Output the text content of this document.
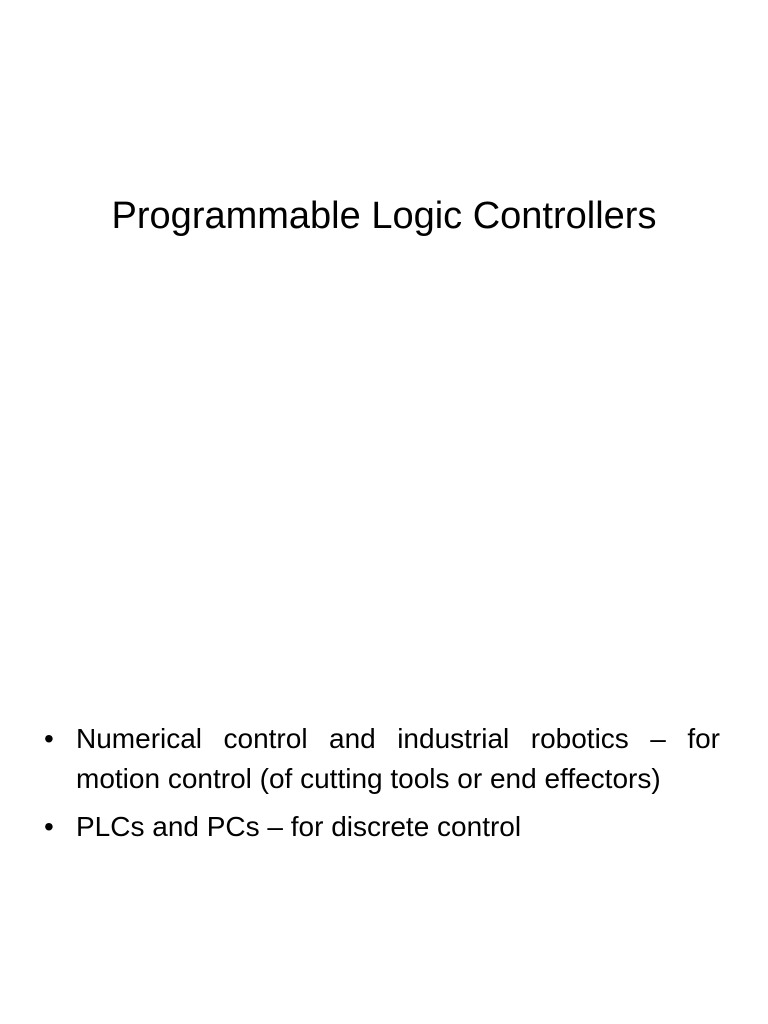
Programmable Logic Controllers
• Numerical control and industrial robotics – for motion control (of cutting tools or end effectors)
• PLCs and PCs – for discrete control
